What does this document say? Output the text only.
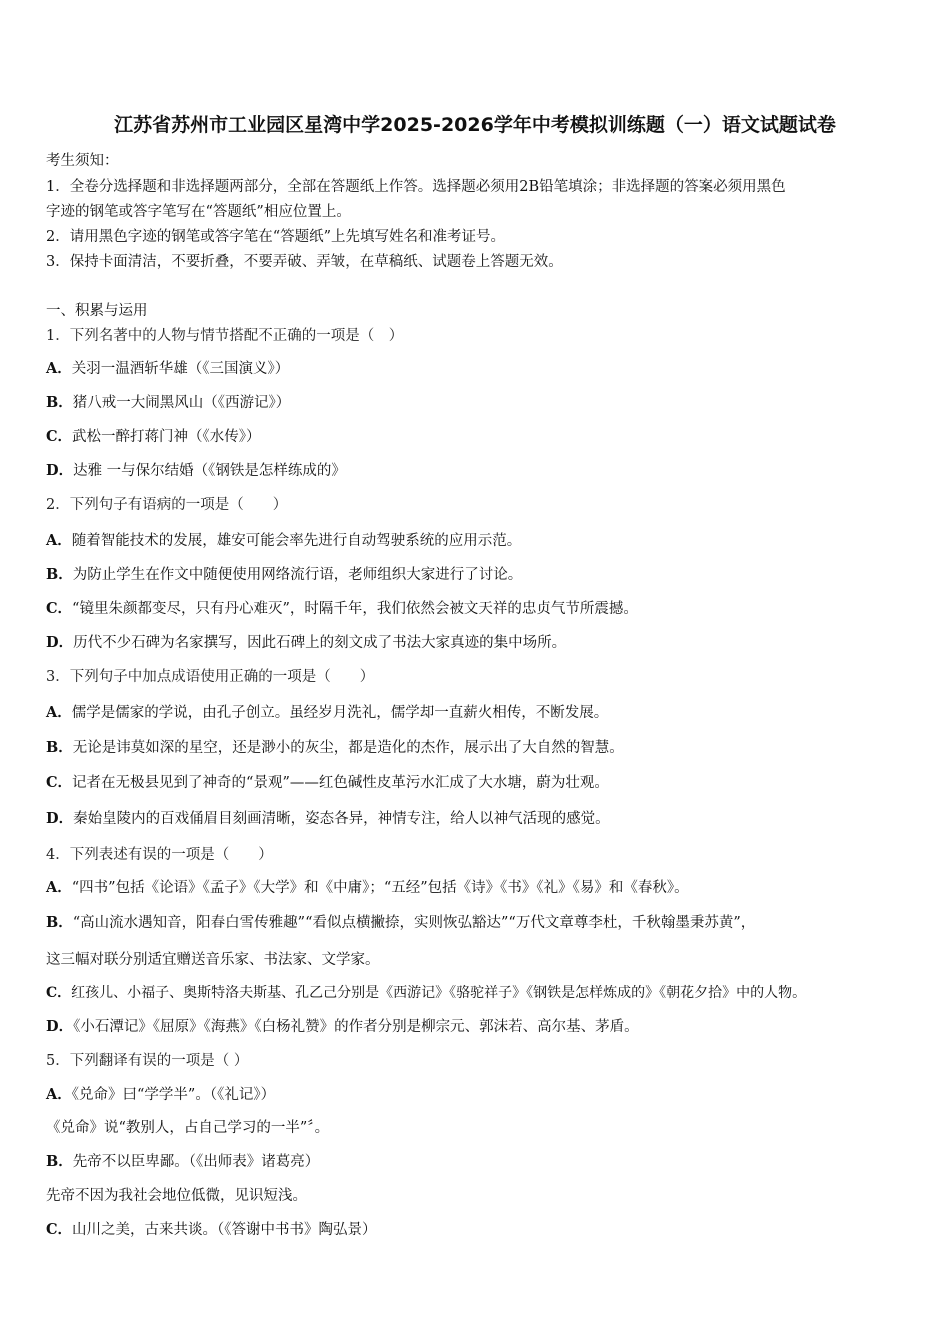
江苏省苏州市工业园区星湾中学2025-2026学年中考模拟训练题（一）语文试题试卷
考生须知：
1．全卷分选择题和非选择题两部分，全部在答题纸上作答。选择题必须用2B铅笔填涂；非选择题的答案必须用黑色
字迹的钢笔或答字笔写在“答题纸”相应位置上。
2．请用黑色字迹的钢笔或答字笔在“答题纸”上先填写姓名和准考证号。
3．保持卡面清洁，不要折叠，不要弄破、弄皱，在草稿纸、试题卷上答题无效。
一、积累与运用
1．下列名著中的人物与情节搭配不正确的一项是（　）
A．关羽一温酒斩华雄（《三国演义》）
B．猪八戒一大闹黑风山（《西游记》）
C．武松一醉打蒋门神（《水传》）
D．达雅 一与保尔结婚（《钢铁是怎样练成的》
2．下列句子有语病的一项是（　　）
A．随着智能技术的发展，雄安可能会率先进行自动驾驶系统的应用示范。
B．为防止学生在作文中随便使用网络流行语，老师组织大家进行了讨论。
C．“镜里朱颜都变尽，只有丹心难灭”，时隔千年，我们依然会被文天祥的忠贞气节所震撼。
D．历代不少石碑为名家撰写，因此石碑上的刻文成了书法大家真迹的集中场所。
3．下列句子中加点成语使用正确的一项是（　　）
A．儒学是儒家的学说，由孔子创立。虽经岁月洗礼，儒学却一直薪火相传，不断发展。
B．无论是讳莫如深的星空，还是渺小的灰尘，都是造化的杰作，展示出了大自然的智慧。
C．记者在无极县见到了神奇的“景观”——红色碱性皮革污水汇成了大水塘，蔚为壮观。
D．秦始皇陵内的百戏俑眉目刻画清晰，姿态各异，神情专注，给人以神气活现的感觉。
4．下列表述有误的一项是（　　）
A．“四书”包括《论语》《孟子》《大学》和《中庸》；“五经”包括《诗》《书》《礼》《易》和《春秋》。
B．“高山流水遇知音，阳春白雪传雅趣”“看似点横撇捺，实则恢弘豁达”“万代文章尊李杜，千秋翰墨秉苏黄”，
这三幅对联分别适宜赠送音乐家、书法家、文学家。
C．红孩儿、小福子、奥斯特洛夫斯基、孔乙己分别是《西游记》《骆驼祥子》《钢铁是怎样炼成的》《朝花夕拾》中的人物。
D．《小石潭记》《屈原》《海燕》《白杨礼赞》的作者分别是柳宗元、郭沫若、高尔基、茅盾。
5．下列翻译有误的一项是（ ）
A．《兑命》曰“学学半”。（《礼记》）
《兑命》说“教别人，占自己学习的一半”〞。
B．先帝不以臣卑鄙。（《出师表》诸葛亮）
先帝不因为我社会地位低微，见识短浅。
C．山川之美，古来共谈。（《答谢中书书》陶弘景）
